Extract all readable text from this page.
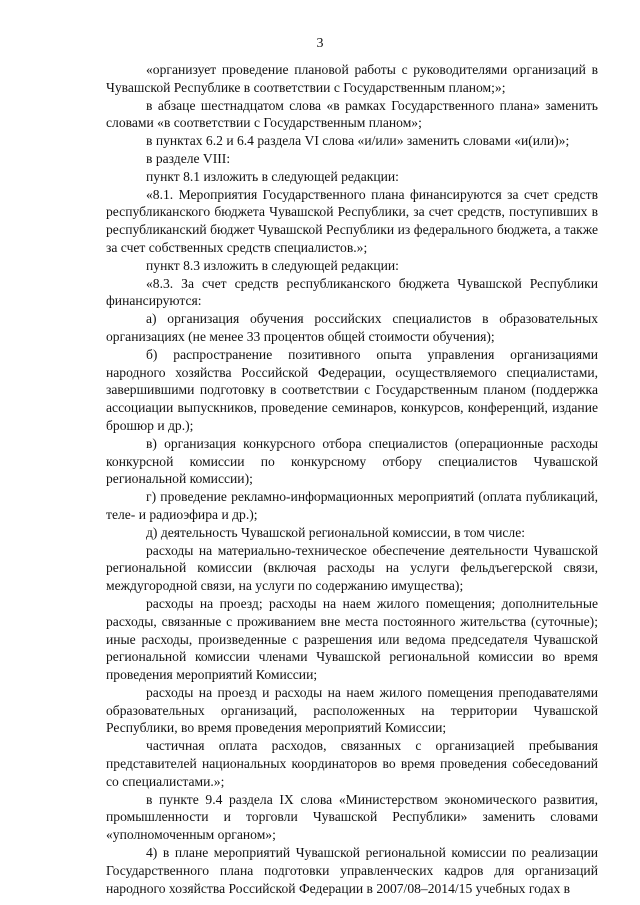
3

«организует проведение плановой работы с руководителями организаций в Чувашской Республике в соответствии с Государственным планом;»;

в абзаце шестнадцатом слова «в рамках Государственного плана» заменить словами «в соответствии с Государственным планом»;

в пунктах 6.2 и 6.4 раздела VI слова «и/или» заменить словами «и(или)»;

в разделе VIII:

пункт 8.1 изложить в следующей редакции:

«8.1. Мероприятия Государственного плана финансируются за счет средств республиканского бюджета Чувашской Республики, за счет средств, поступивших в республиканский бюджет Чувашской Республики из федерального бюджета, а также за счет собственных средств специалистов.»;

пункт 8.3 изложить в следующей редакции:

«8.3. За счет средств республиканского бюджета Чувашской Республики финансируются:

а) организация обучения российских специалистов в образовательных организациях (не менее 33 процентов общей стоимости обучения);

б) распространение позитивного опыта управления организациями народного хозяйства Российской Федерации, осуществляемого специалистами, завершившими подготовку в соответствии с Государственным планом (поддержка ассоциации выпускников, проведение семинаров, конкурсов, конференций, издание брошюр и др.);

в) организация конкурсного отбора специалистов (операционные расходы конкурсной комиссии по конкурсному отбору специалистов Чувашской региональной комиссии);

г) проведение рекламно-информационных мероприятий (оплата публикаций, теле- и радиоэфира и др.);

д) деятельность Чувашской региональной комиссии, в том числе:

расходы на материально-техническое обеспечение деятельности Чувашской региональной комиссии (включая расходы на услуги фельдъегерской связи, междугородной связи, на услуги по содержанию имущества);

расходы на проезд; расходы на наем жилого помещения; дополнительные расходы, связанные с проживанием вне места постоянного жительства (суточные); иные расходы, произведенные с разрешения или ведома председателя Чувашской региональной комиссии членами Чувашской региональной комиссии во время проведения мероприятий Комиссии;

расходы на проезд и расходы на наем жилого помещения преподавателями образовательных организаций, расположенных на территории Чувашской Республики, во время проведения мероприятий Комиссии;

частичная оплата расходов, связанных с организацией пребывания представителей национальных координаторов во время проведения собеседований со специалистами.»;

в пункте 9.4 раздела IX слова «Министерством экономического развития, промышленности и торговли Чувашской Республики» заменить словами «уполномоченным органом»;

4) в плане мероприятий Чувашской региональной комиссии по реализации Государственного плана подготовки управленческих кадров для организаций народного хозяйства Российской Федерации в 2007/08–2014/15 учебных годах в
